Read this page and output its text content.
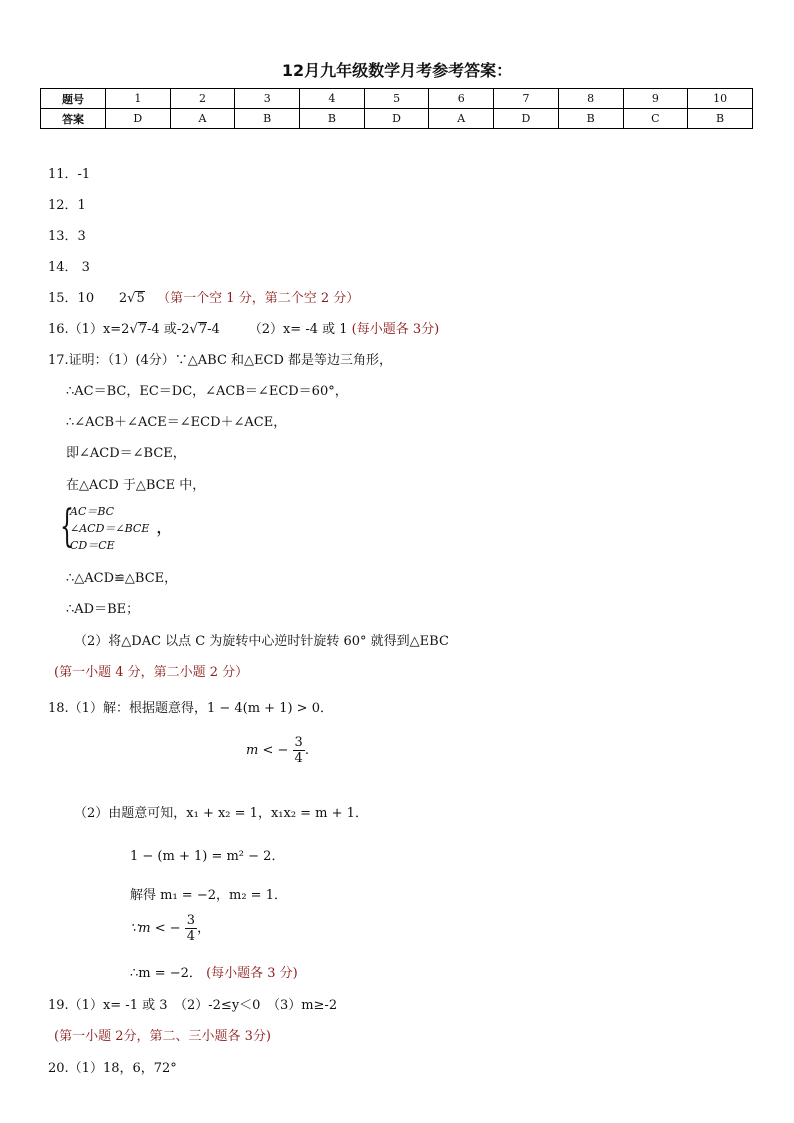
12月九年级数学月考参考答案：
题号	1	2	3	4	5	6	7	8	9	10
答案	D	A	B	B	D	A	D	B	C	B
11．-1
12．1
13．3
14． 3
15．10 2√5 （第一个空 1 分，第二个空 2 分）
16.（1）x=2√7-4 或-2√7-4 （2）x= -4 或 1 (每小题各 3分)
17.证明：（1）(4分）∵△ABC 和△ECD 都是等边三角形，
∴AC＝BC，EC＝DC，∠ACB＝∠ECD＝60°，
∴∠ACB＋∠ACE＝∠ECD＋∠ACE，
即∠ACD＝∠BCE，
在△ACD 于△BCE 中，
{
AC＝BC
∠ACD＝∠BCE
CD＝CE
，
∴△ACD≌△BCE，
∴AD＝BE；
（2）将△DAC 以点 C 为旋转中心逆时针旋转 60° 就得到△EBC
(第一小题 4 分，第二小题 2 分）
18.（1）解：根据题意得，1 − 4(m + 1) > 0．
m < − $\frac{3}{4}$ .
（2）由题意可知，x₁ + x₂ = 1，x₁x₂ = m + 1．
1 − (m + 1) = m² − 2．
解得 m₁ = −2，m₂ = 1．
∵m < − $\frac{3}{4}$ ，
∴m = −2． (每小题各 3 分)
19.（1）x= -1 或 3　（2）-2≤y＜0　（3）m≥-2
(第一小题 2分，第二、三小题各 3分)
20.（1）18，6，72°
